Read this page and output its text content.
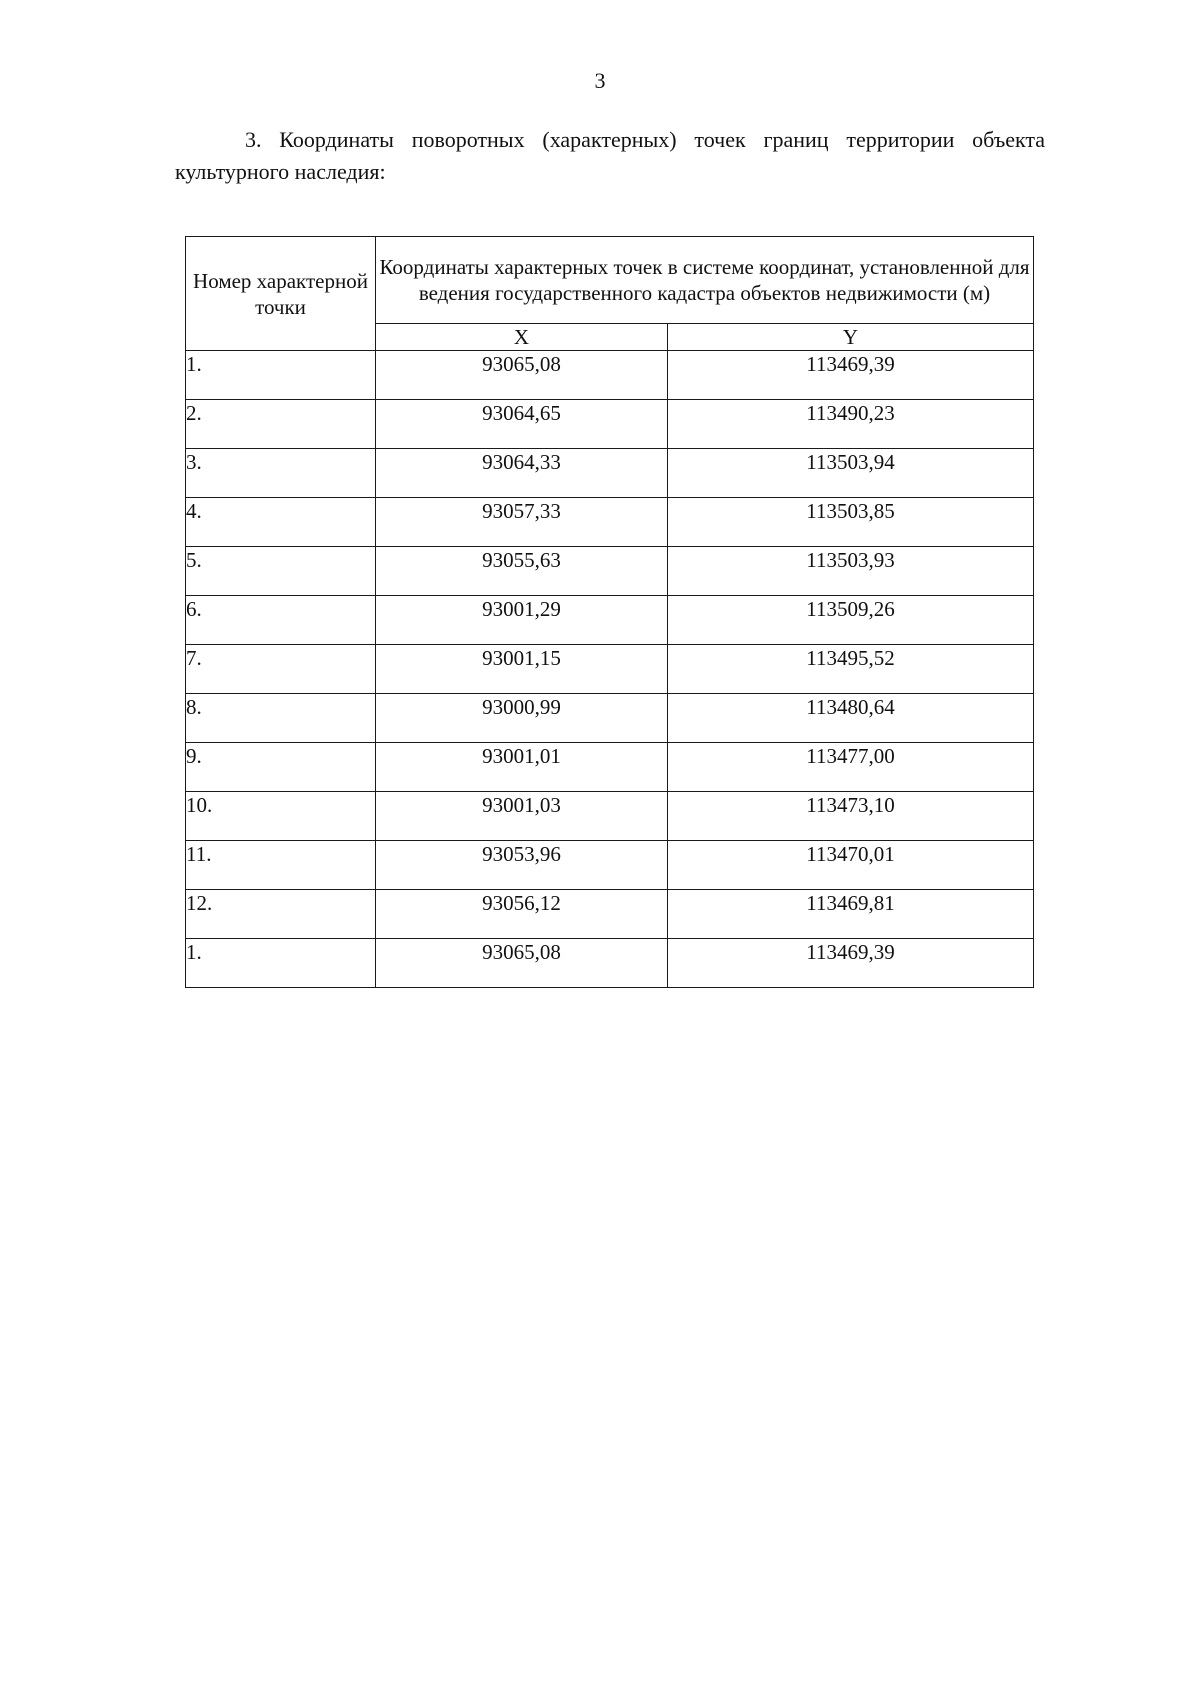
3

3. Координаты поворотных (характерных) точек границ территории объекта культурного наследия:

Номер характерной точки	Координаты характерных точек в системе координат, установленной для ведения государственного кадастра объектов недвижимости (м)	
	X	Y
1.	93065,08	113469,39
2.	93064,65	113490,23
3.	93064,33	113503,94
4.	93057,33	113503,85
5.	93055,63	113503,93
6.	93001,29	113509,26
7.	93001,15	113495,52
8.	93000,99	113480,64
9.	93001,01	113477,00
10.	93001,03	113473,10
11.	93053,96	113470,01
12.	93056,12	113469,81
1.	93065,08	113469,39
